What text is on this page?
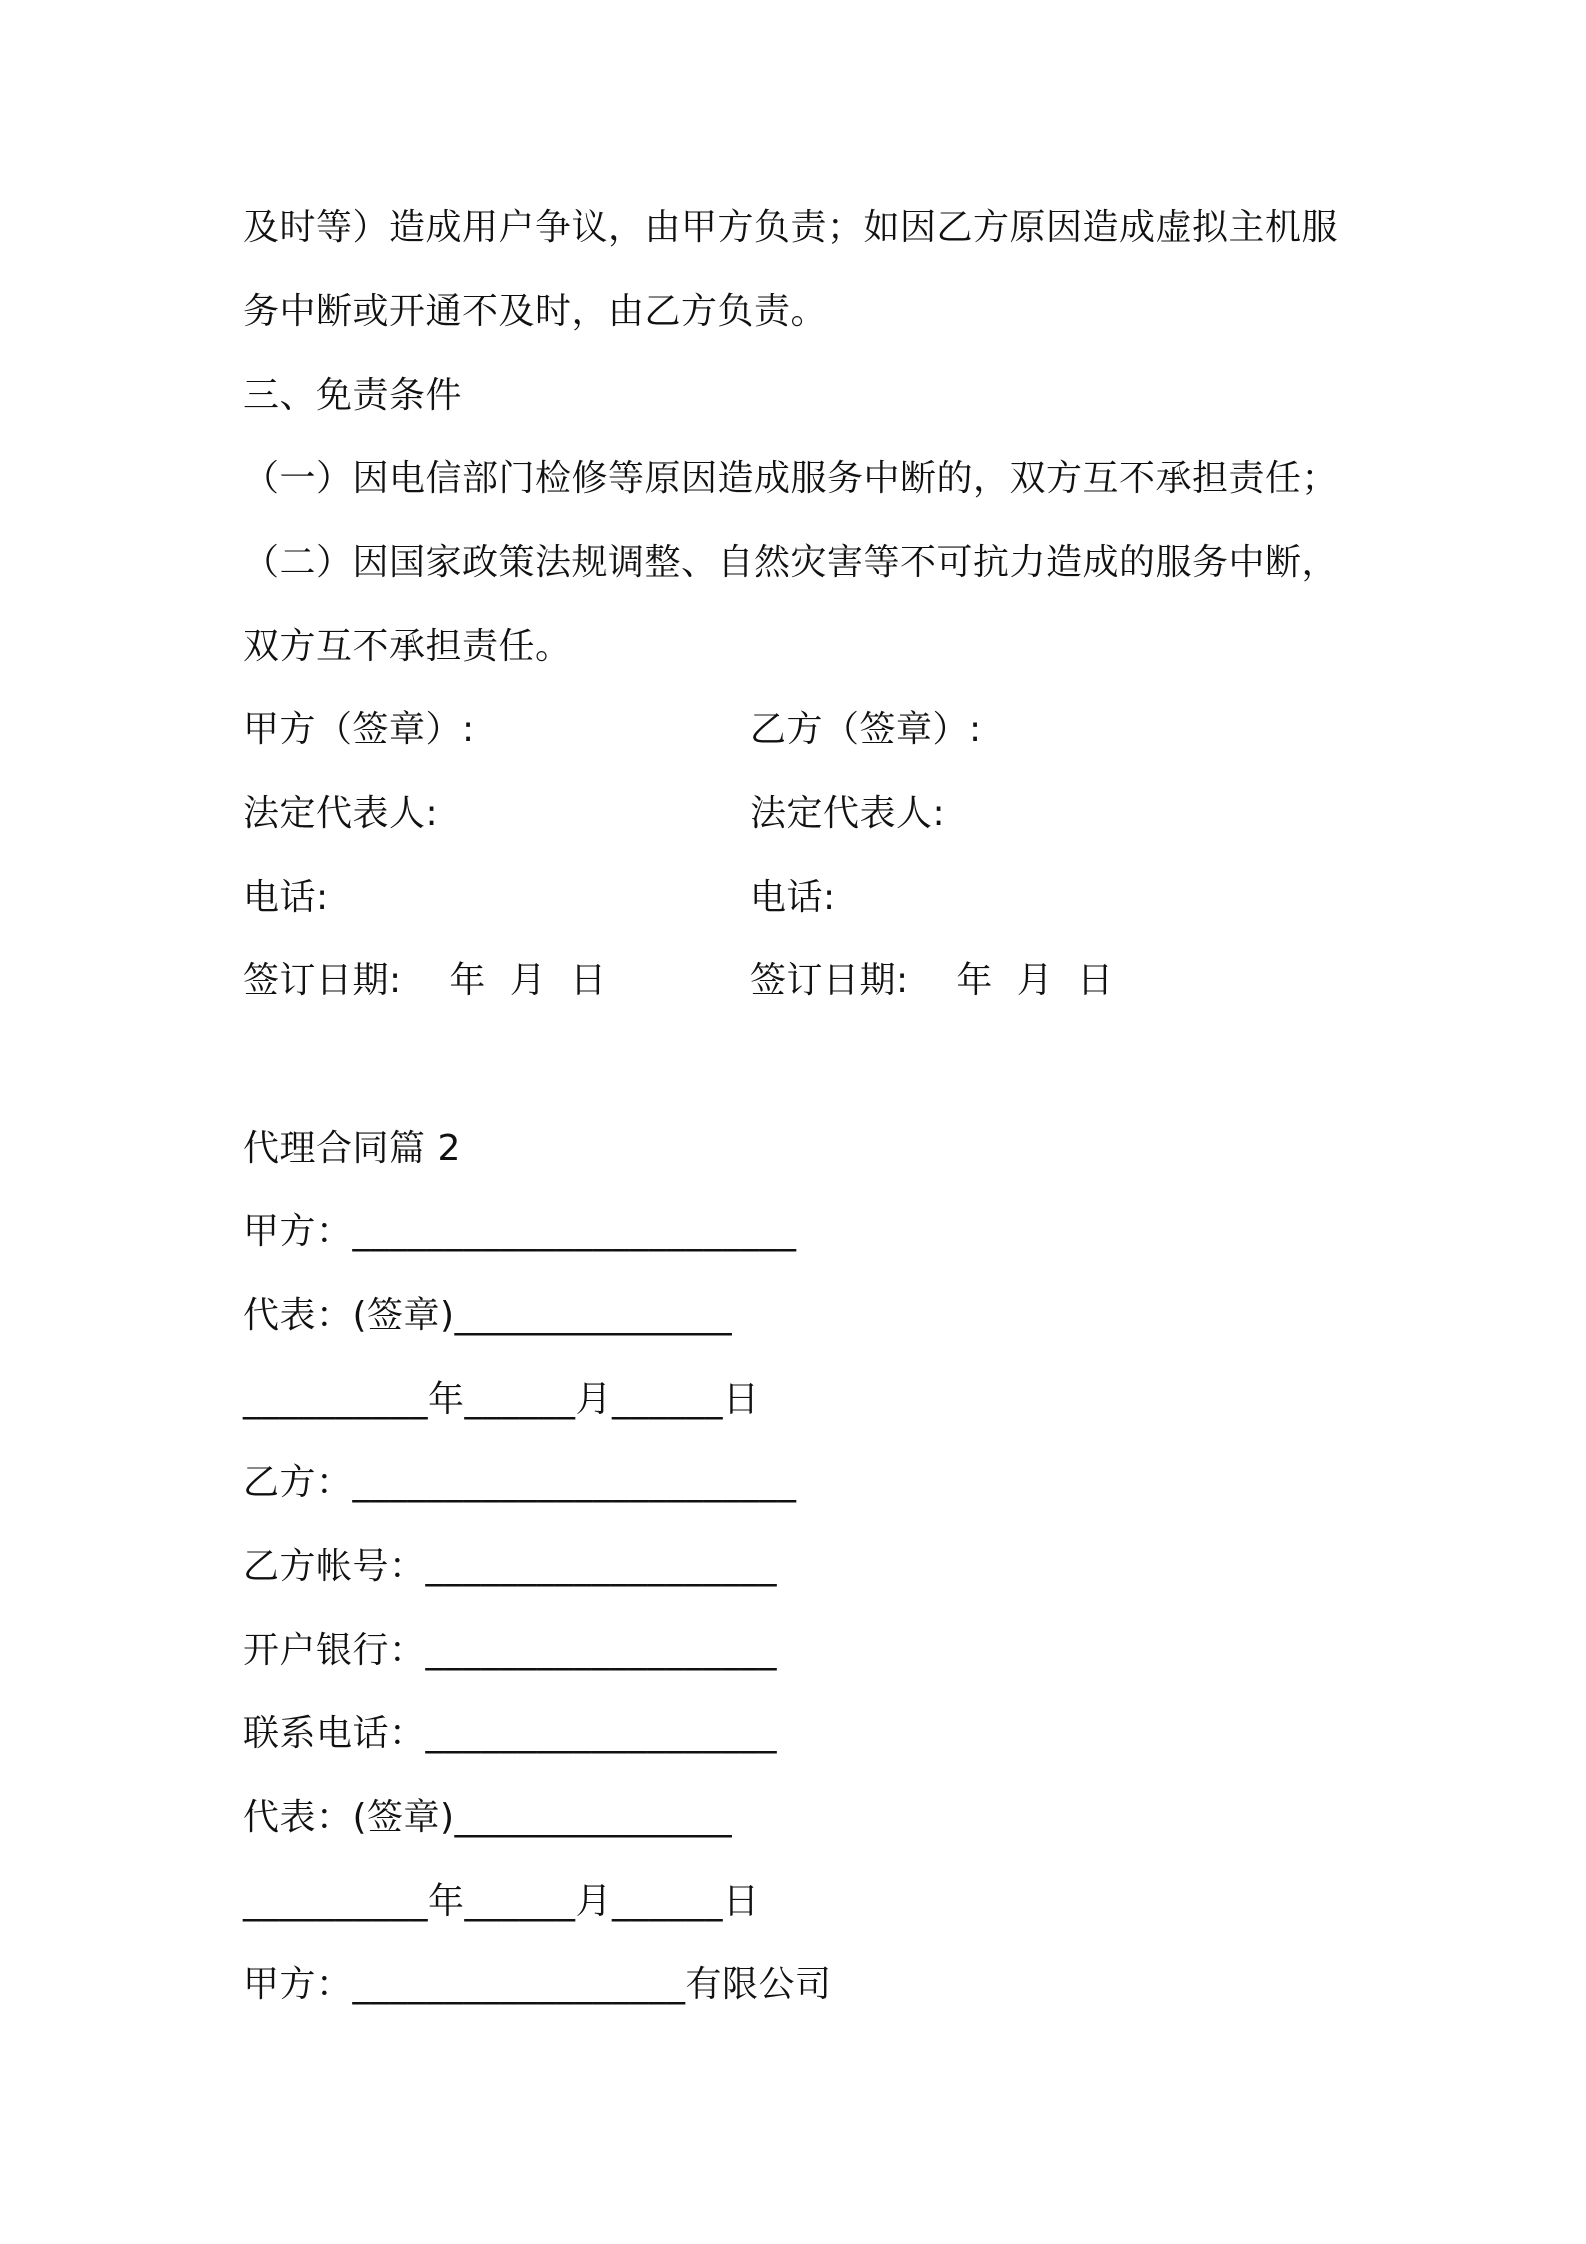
及时等）造成用户争议，由甲方负责；如因乙方原因造成虚拟主机服
务中断或开通不及时，由乙方负责。
三、免责条件
（一）因电信部门检修等原因造成服务中断的，双方互不承担责任；
（二）因国家政策法规调整、自然灾害等不可抗力造成的服务中断，
双方互不承担责任。
甲方（签章）:	乙方（签章）:
法定代表人:	法定代表人:
电话:	电话:
签订日期:    年  月  日	签订日期:    年  月  日
代理合同篇 2
甲方：________________________
代表：(签章)_______________
__________年______月______日
乙方：________________________
乙方帐号：___________________
开户银行：___________________
联系电话：___________________
代表：(签章)_______________
__________年______月______日
甲方：__________________有限公司
